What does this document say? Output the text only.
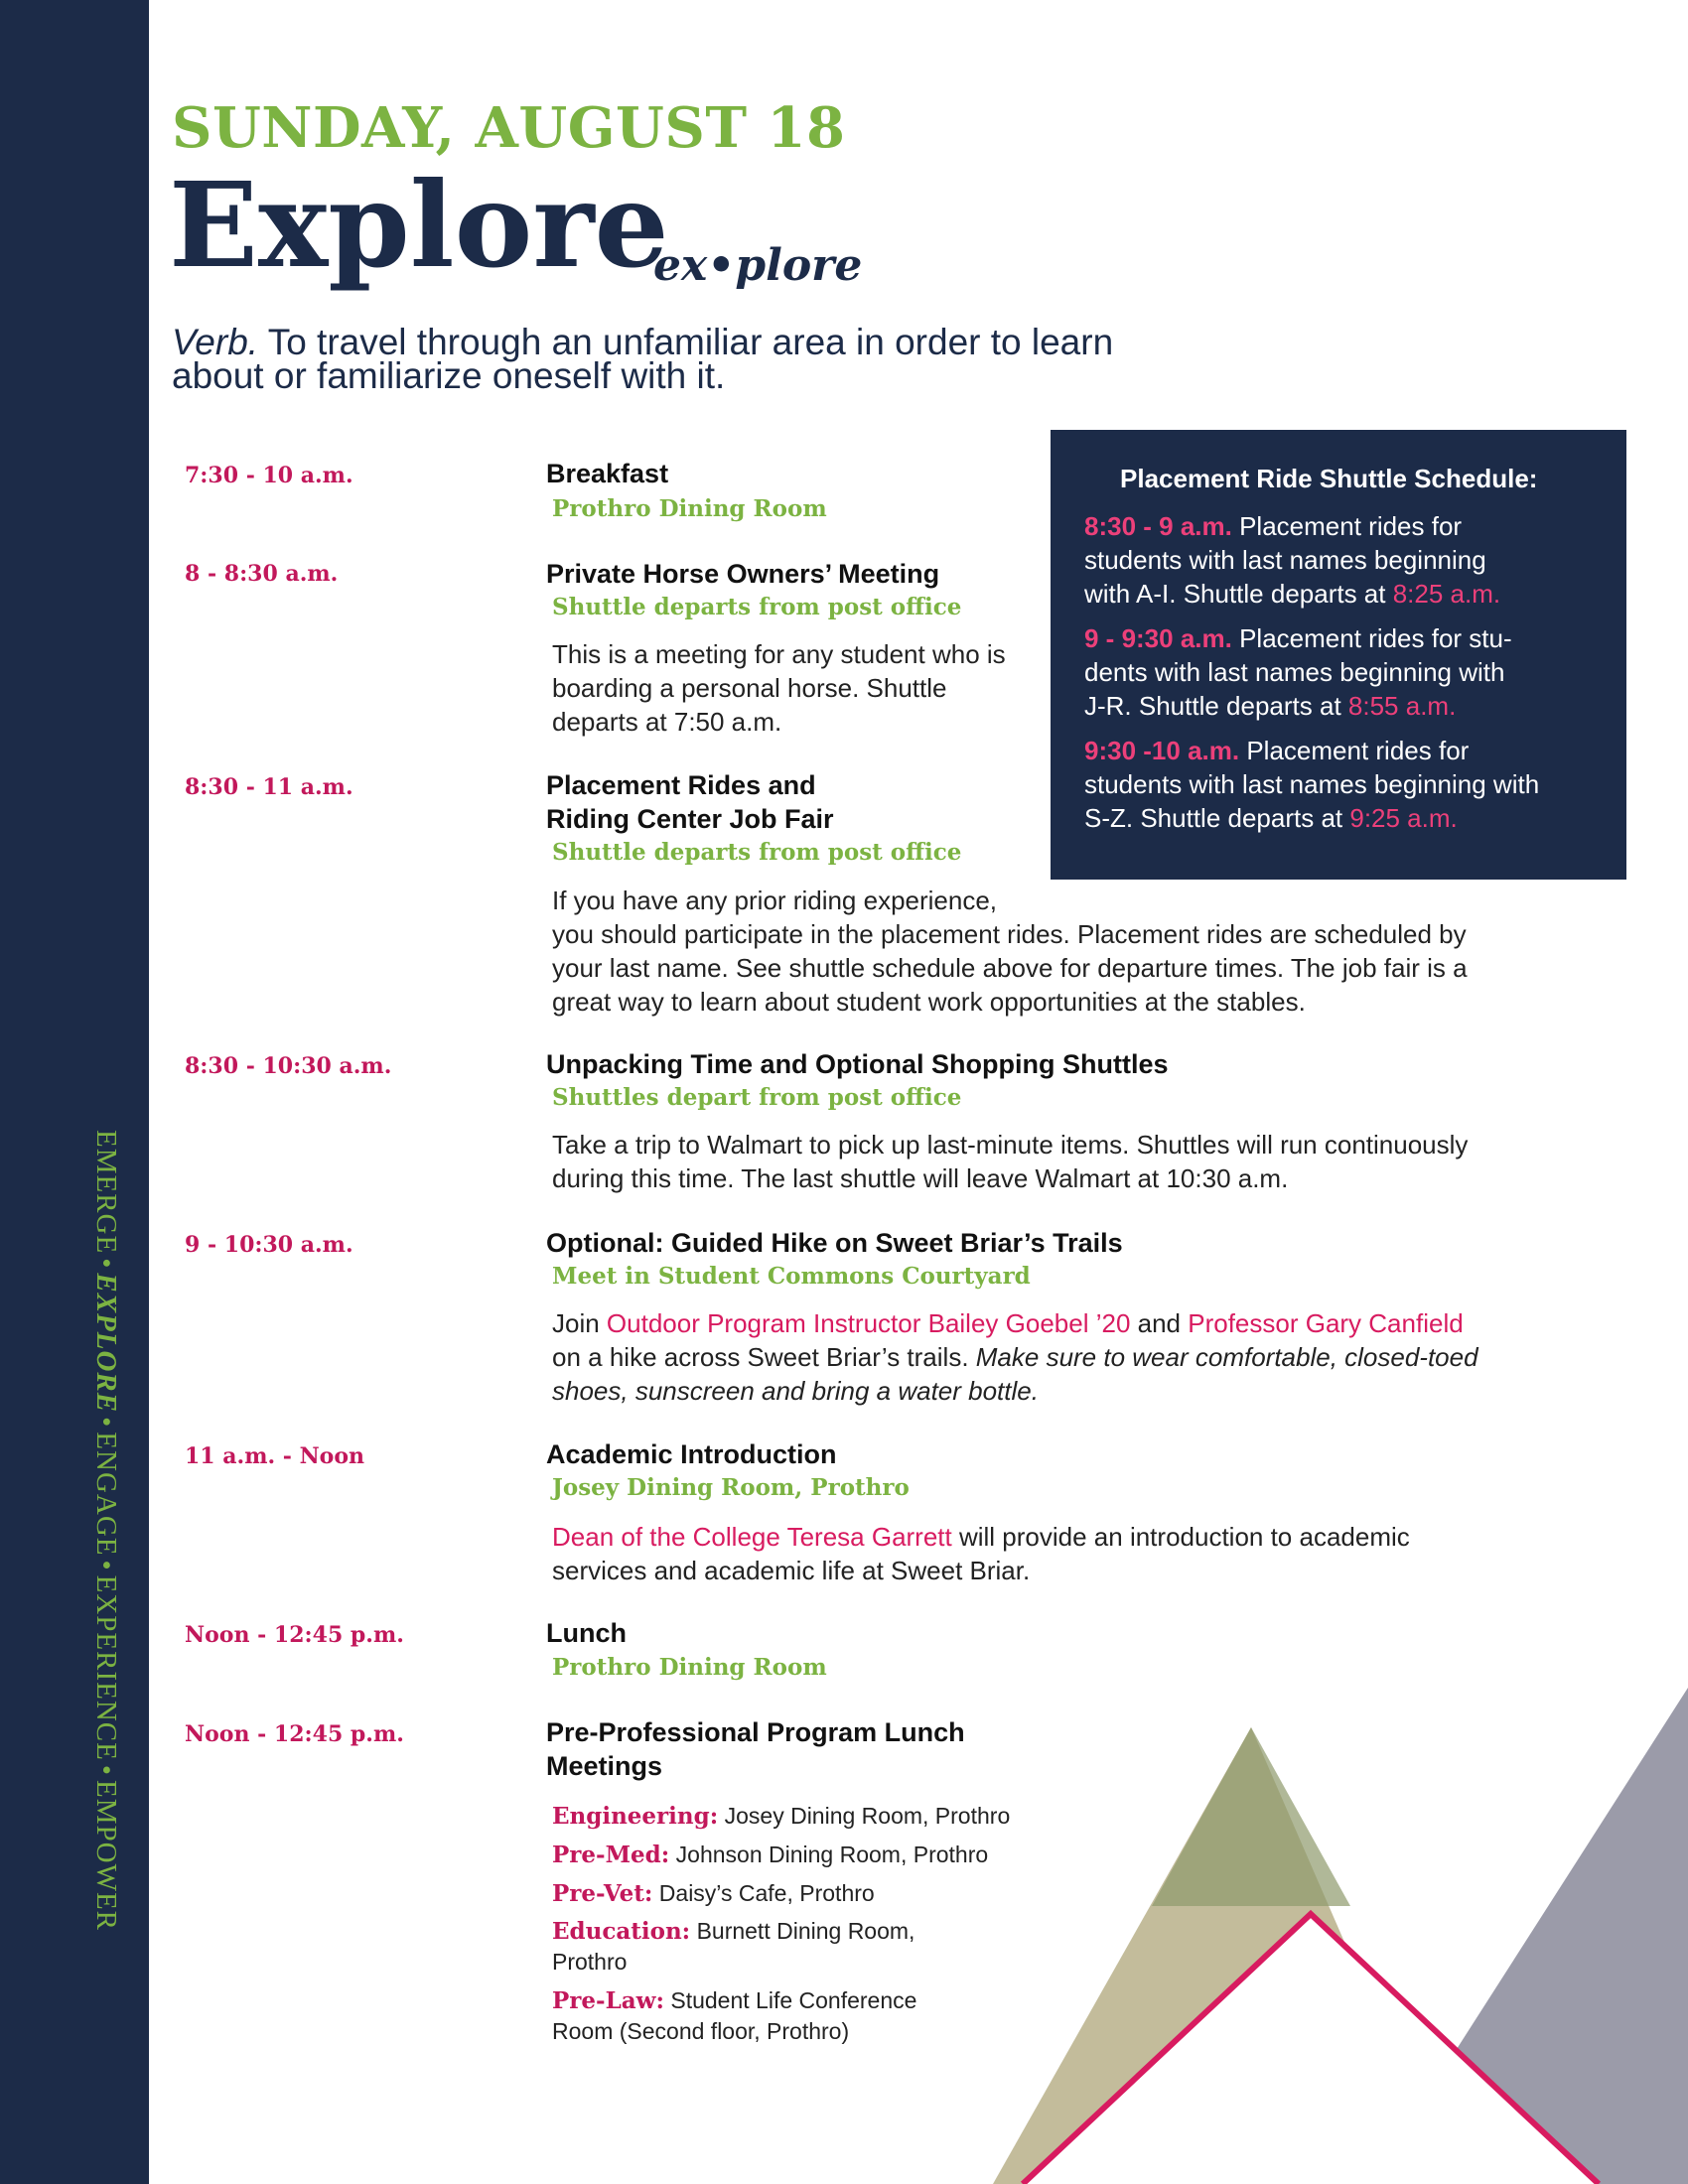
EMERGE•EXPLORE•ENGAGE•EXPERIENCE•EMPOWER
SUNDAY, AUGUST 18
Explore
ex•plore
Verb. To travel through an unfamiliar area in order to learn
about or familiarize oneself with it.
Placement Ride Shuttle Schedule:
8:30 - 9 a.m. Placement rides for
students with last names beginning
with A-I. Shuttle departs at 8:25 a.m.
9 - 9:30 a.m. Placement rides for stu-
dents with last names beginning with
J-R. Shuttle departs at 8:55 a.m.
9:30 -10 a.m. Placement rides for
students with last names beginning with
S-Z. Shuttle departs at 9:25 a.m.
7:30 - 10 a.m.	Breakfast
Prothro Dining Room
8 - 8:30 a.m.	Private Horse Owners’ Meeting
Shuttle departs from post office
This is a meeting for any student who is
boarding a personal horse. Shuttle
departs at 7:50 a.m.
8:30 - 11 a.m.	Placement Rides and
Riding Center Job Fair
Shuttle departs from post office
If you have any prior riding experience,
you should participate in the placement rides. Placement rides are scheduled by
your last name. See shuttle schedule above for departure times. The job fair is a
great way to learn about student work opportunities at the stables.
8:30 - 10:30 a.m.	Unpacking Time and Optional Shopping Shuttles
Shuttles depart from post office
Take a trip to Walmart to pick up last-minute items. Shuttles will run continuously
during this time. The last shuttle will leave Walmart at 10:30 a.m.
9 - 10:30 a.m.	Optional: Guided Hike on Sweet Briar’s Trails
Meet in Student Commons Courtyard
Join Outdoor Program Instructor Bailey Goebel ’20 and Professor Gary Canfield
on a hike across Sweet Briar’s trails. Make sure to wear comfortable, closed-toed
shoes, sunscreen and bring a water bottle.
11 a.m. - Noon	Academic Introduction
Josey Dining Room, Prothro
Dean of the College Teresa Garrett will provide an introduction to academic
services and academic life at Sweet Briar.
Noon - 12:45 p.m.	Lunch
Prothro Dining Room
Noon - 12:45 p.m.	Pre-Professional Program Lunch
Meetings
Engineering: Josey Dining Room, Prothro
Pre-Med: Johnson Dining Room, Prothro
Pre-Vet: Daisy’s Cafe, Prothro
Education: Burnett Dining Room,
Prothro
Pre-Law: Student Life Conference
Room (Second floor, Prothro)
